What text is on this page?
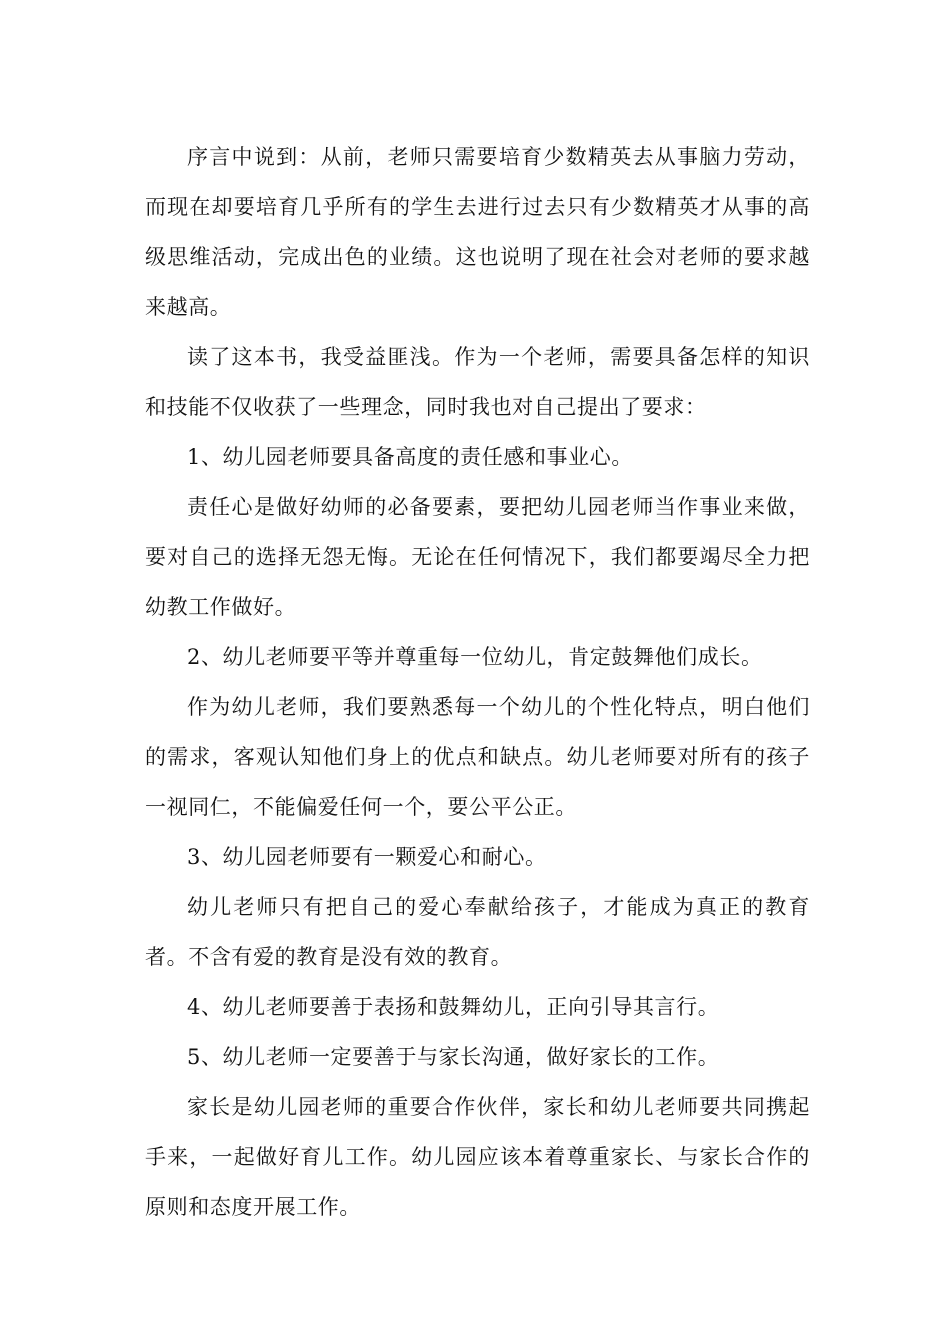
序言中说到：从前，老师只需要培育少数精英去从事脑力劳动，而现在却要培育几乎所有的学生去进行过去只有少数精英才从事的高级思维活动，完成出色的业绩。这也说明了现在社会对老师的要求越来越高。

读了这本书，我受益匪浅。作为一个老师，需要具备怎样的知识和技能不仅收获了一些理念，同时我也对自己提出了要求：

1、幼儿园老师要具备高度的责任感和事业心。

责任心是做好幼师的必备要素，要把幼儿园老师当作事业来做，要对自己的选择无怨无悔。无论在任何情况下，我们都要竭尽全力把幼教工作做好。

2、幼儿老师要平等并尊重每一位幼儿，肯定鼓舞他们成长。

作为幼儿老师，我们要熟悉每一个幼儿的个性化特点，明白他们的需求，客观认知他们身上的优点和缺点。幼儿老师要对所有的孩子一视同仁，不能偏爱任何一个，要公平公正。

3、幼儿园老师要有一颗爱心和耐心。

幼儿老师只有把自己的爱心奉献给孩子，才能成为真正的教育者。不含有爱的教育是没有效的教育。

4、幼儿老师要善于表扬和鼓舞幼儿，正向引导其言行。

5、幼儿老师一定要善于与家长沟通，做好家长的工作。

家长是幼儿园老师的重要合作伙伴，家长和幼儿老师要共同携起手来，一起做好育儿工作。幼儿园应该本着尊重家长、与家长合作的原则和态度开展工作。
